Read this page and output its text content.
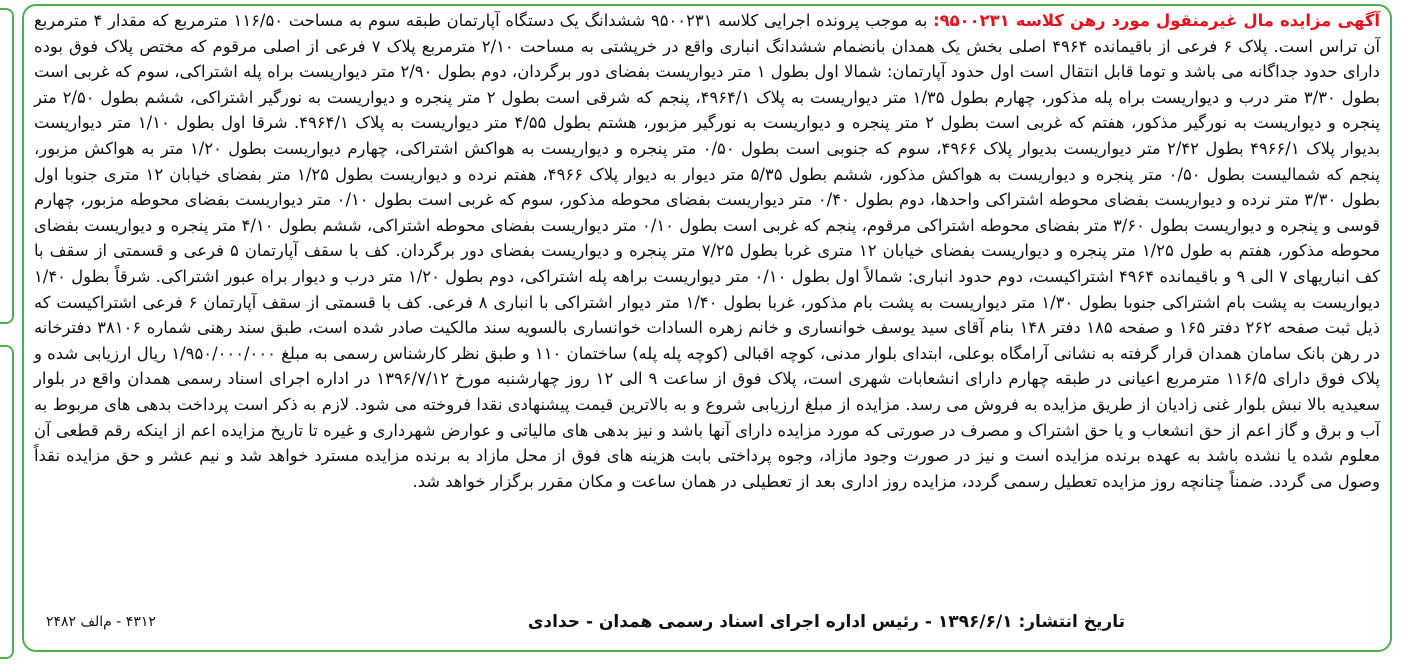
آگهی مزایده مال غیرمنقول مورد رهن کلاسه ۹۵۰۰۲۳۱: به موجب پرونده اجرایی کلاسه ۹۵۰۰۲۳۱ ششدانگ یک دستگاه آپارتمان طبقه سوم به مساحت ۱۱۶/۵۰ مترمربع که مقدار ۴ مترمربع آن تراس است. پلاک ۶ فرعی از باقیمانده ۴۹۶۴ اصلی بخش یک همدان بانضمام ششدانگ انباری واقع در خرپشتی به مساحت ۲/۱۰ مترمربع پلاک ۷ فرعی از اصلی مرقوم که مختص پلاک فوق بوده دارای حدود جداگانه می باشد و توما قابل انتقال است اول حدود آپارتمان: شمالا اول بطول ۱ متر دیواریست بفضای دور برگردان، دوم بطول ۲/۹۰ متر دیواریست براه پله اشتراکی، سوم که غربی است بطول ۳/۳۰ متر درب و دیواریست براه پله مذکور، چهارم بطول ۱/۳۵ متر دیواریست به پلاک ۴۹۶۴/۱، پنجم که شرقی است بطول ۲ متر پنجره و دیواریست به نورگیر اشتراکی، ششم بطول ۲/۵۰ متر پنجره و دیواریست به نورگیر مذکور، هفتم که غربی است بطول ۲ متر پنجره و دیواریست به نورگیر مزبور، هشتم بطول ۴/۵۵ متر دیواریست به پلاک ۴۹۶۴/۱. شرقا اول بطول ۱/۱۰ متر دیواریست بدیوار پلاک ۴۹۶۶/۱ بطول ۲/۴۲ متر دیواریست بدیوار پلاک ۴۹۶۶، سوم که جنوبی است بطول ۰/۵۰ متر پنجره و دیواریست به هواکش اشتراکی، چهارم دیواریست بطول ۱/۲۰ متر به هواکش مزبور، پنجم که شمالیست بطول ۰/۵۰ متر پنجره و دیواریست به هواکش مذکور، ششم بطول ۵/۳۵ متر دیوار به دیوار پلاک ۴۹۶۶، هفتم نرده و دیواریست بطول ۱/۲۵ متر بفضای خیابان ۱۲ متری جنوبا اول بطول ۳/۳۰ متر نرده و دیواریست بفضای محوطه اشتراکی واحدها، دوم بطول ۰/۴۰ متر دیواریست بفضای محوطه مذکور، سوم که غربی است بطول ۰/۱۰ متر دیواریست بفضای محوطه مزبور، چهارم قوسی و پنجره و دیواریست بطول ۳/۶۰ متر بفضای محوطه اشتراکی مرقوم، پنجم که غربی است بطول ۰/۱۰ متر دیواریست بفضای محوطه اشتراکی، ششم بطول ۴/۱۰ متر پنجره و دیواریست بفضای محوطه مذکور، هفتم به طول ۱/۲۵ متر پنجره و دیواریست بفضای خیابان ۱۲ متری غربا بطول ۷/۲۵ متر پنجره و دیواریست بفضای دور برگردان. کف با سقف آپارتمان ۵ فرعی و قسمتی از سقف با کف انباریهای ۷ الی ۹ و باقیمانده ۴۹۶۴ اشتراکیست، دوم حدود انباری: شمالاً اول بطول ۰/۱۰ متر دیواریست براهه پله اشتراکی، دوم بطول ۱/۲۰ متر درب و دیوار براه عبور اشتراکی. شرقاً بطول ۱/۴۰ دیواریست به پشت بام اشتراکی جنوبا بطول ۱/۳۰ متر دیواریست به پشت بام مذکور، غربا بطول ۱/۴۰ متر دیوار اشتراکی با انباری ۸ فرعی. کف با قسمتی از سقف آپارتمان ۶ فرعی اشتراکیست که ذیل ثبت صفحه ۲۶۲ دفتر ۱۶۵ و صفحه ۱۸۵ دفتر ۱۴۸ بنام آقای سید یوسف خوانساری و خانم زهره السادات خوانساری بالسویه سند مالکیت صادر شده است، طبق سند رهنی شماره ۳۸۱۰۶ دفترخانه در رهن بانک سامان همدان قرار گرفته به نشانی آرامگاه بوعلی، ابتدای بلوار مدنی، کوچه اقبالی (کوچه پله پله) ساختمان ۱۱۰ و طبق نظر کارشناس رسمی به مبلغ ۱/۹۵۰/۰۰۰/۰۰۰ ریال ارزیابی شده و پلاک فوق دارای ۱۱۶/۵ مترمربع اعیانی در طبقه چهارم دارای انشعابات شهری است، پلاک فوق از ساعت ۹ الی ۱۲ روز چهارشنبه مورخ ۱۳۹۶/۷/۱۲ در اداره اجرای اسناد رسمی همدان واقع در بلوار سعیدیه بالا نبش بلوار غنی زادیان از طریق مزایده به فروش می رسد. مزایده از مبلغ ارزیابی شروع و به بالاترین قیمت پیشنهادی نقدا فروخته می شود. لازم به ذکر است پرداخت بدهی های مربوط به آب و برق و گاز اعم از حق انشعاب و یا حق اشتراک و مصرف در صورتی که مورد مزایده دارای آنها باشد و نیز بدهی های مالیاتی و عوارض شهرداری و غیره تا تاریخ مزایده اعم از اینکه رقم قطعی آن معلوم شده یا نشده باشد به عهده برنده مزایده است و نیز در صورت وجود مازاد، وجوه پرداختی بابت هزینه های فوق از محل مازاد به برنده مزایده مسترد خواهد شد و نیم عشر و حق مزایده نقداً وصول می گردد. ضمناً چنانچه روز مزایده تعطیل رسمی گردد، مزایده روز اداری بعد از تعطیلی در همان ساعت و مکان مقرر برگزار خواهد شد.

تاریخ انتشار: ۱۳۹۶/۶/۱ - رئیس اداره اجرای اسناد رسمی همدان - حدادی
۴۳۱۲ - م‌الف ۲۴۸۲
